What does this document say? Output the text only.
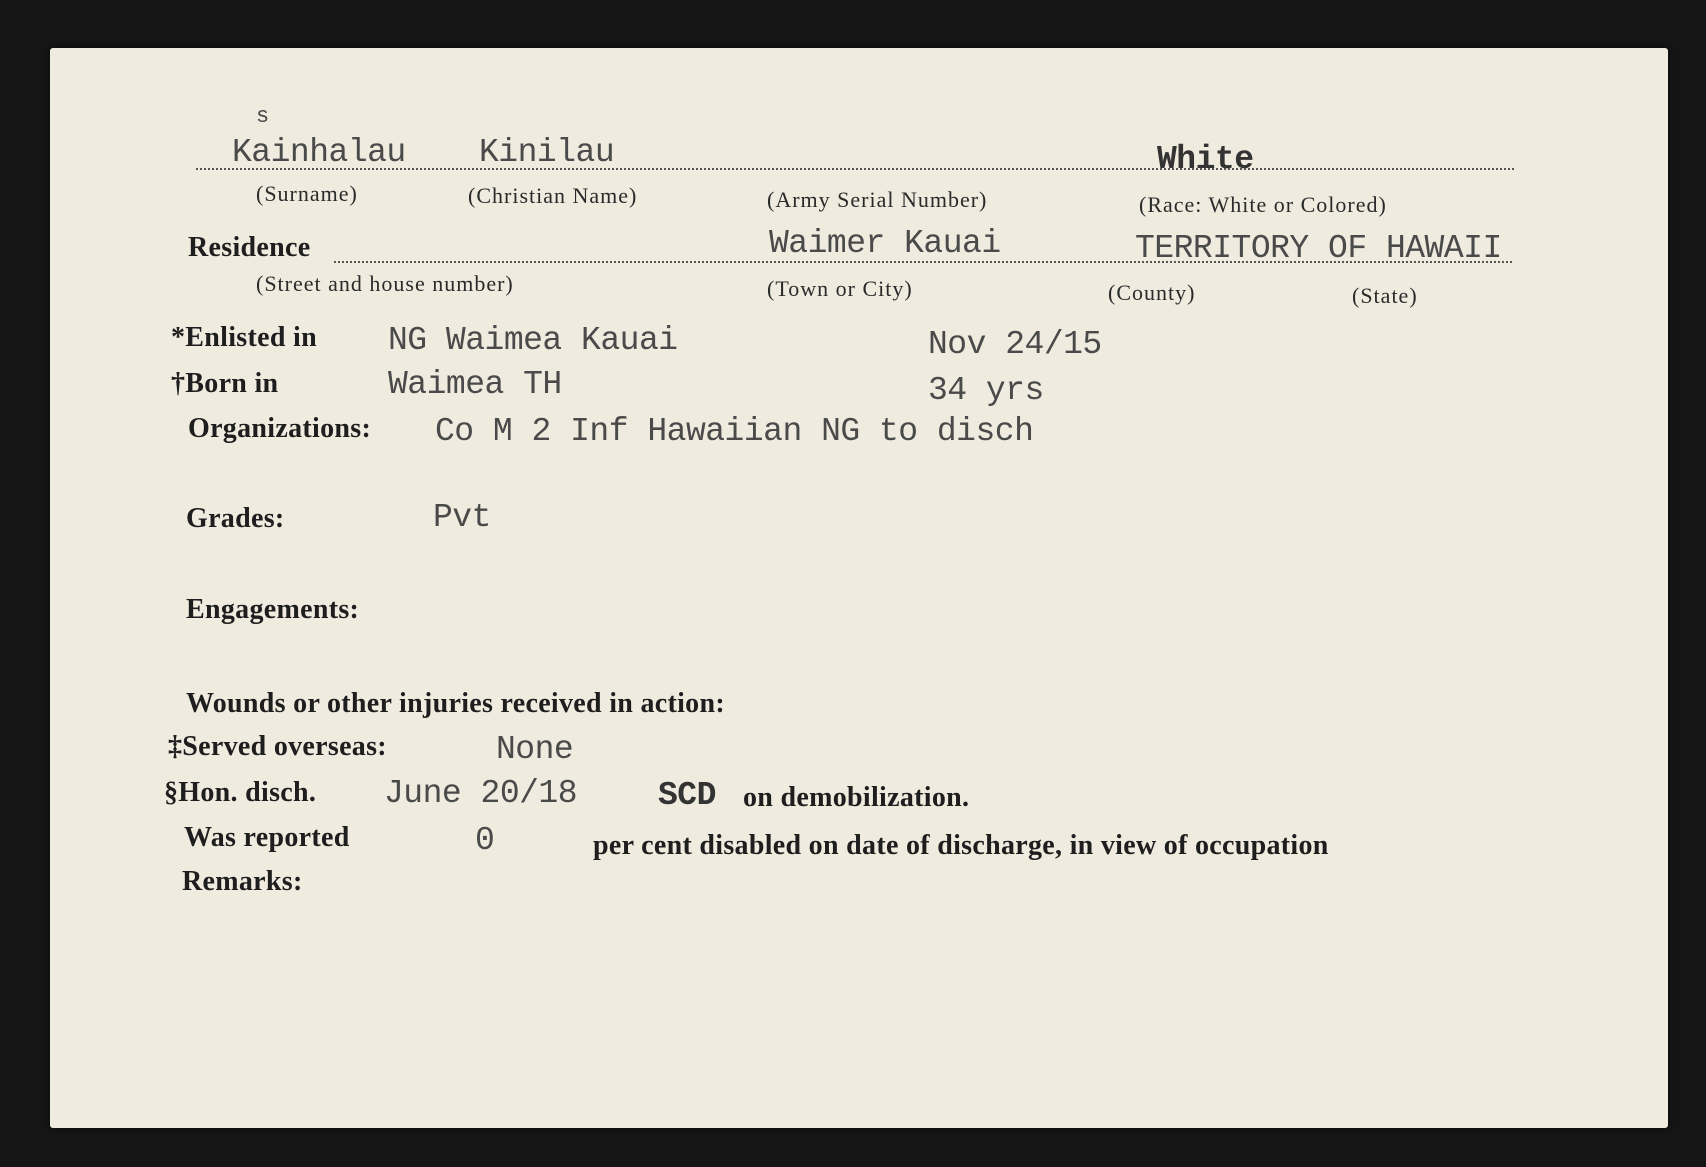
s
Kainhalau Kinilau	White
(Surname)	(Christian Name)	(Army Serial Number)	(Race: White or Colored)
Residence	Waimer Kauai	TERRITORY OF HAWAII
(Street and house number)	(Town or City)	(County)	(State)
*Enlisted in NG Waimea Kauai	Nov 24/15
†Born in	Waimea TH	34 yrs
Organizations: Co M 2 Inf Hawaiian NG to disch
Grades:	Pvt
Engagements:
Wounds or other injuries received in action:
‡Served overseas:	None
§Hon. disch. June 20/18 SCD on demobilization.
Was reported	0	per cent disabled on date of discharge, in view of occupation
Remarks:
